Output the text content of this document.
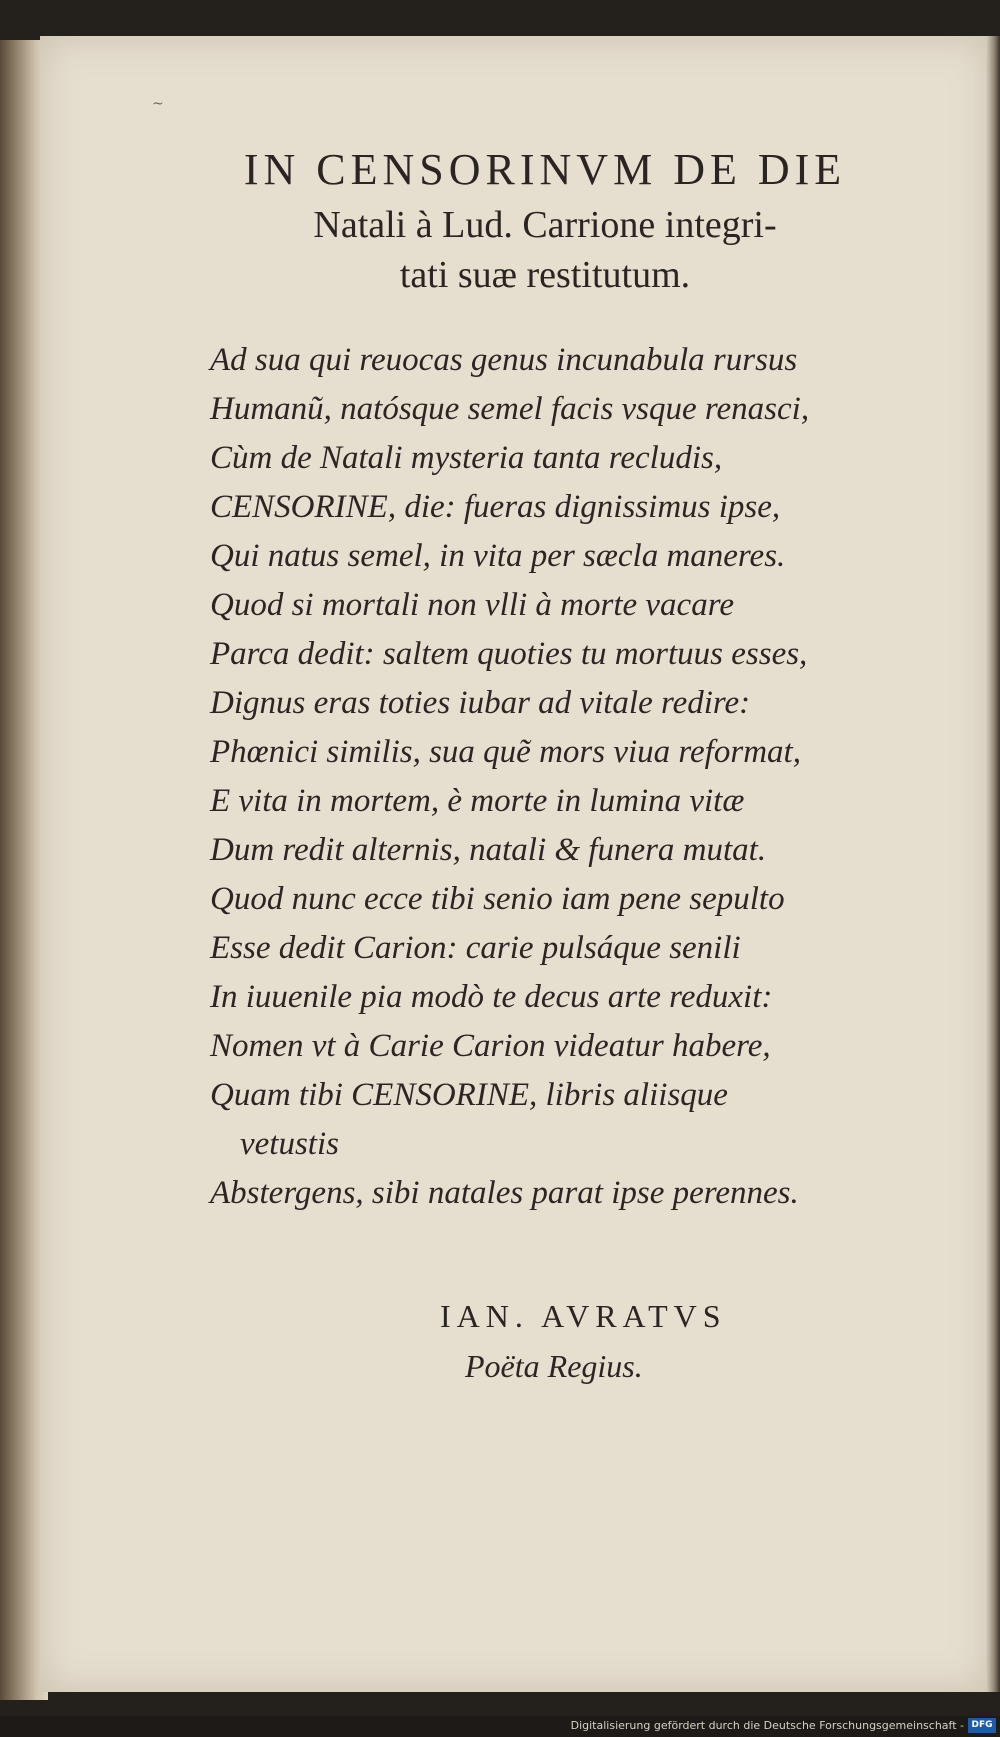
~
IN CENSORINVM DE DIE
Natali à Lud. Carrione integri-
tati suæ restitutum.
Ad sua qui reuocas genus incunabula rursus
Humanũ, natósque semel facis vsque renasci,
Cùm de Natali mysteria tanta recludis,
CENSORINE, die: fueras dignissimus ipse,
Qui natus semel, in vita per sæcla maneres.
Quod si mortali non vlli à morte vacare
Parca dedit: saltem quoties tu mortuus esses,
Dignus eras toties iubar ad vitale redire:
Phœnici similis, sua quẽ mors viua reformat,
E vita in mortem, è morte in lumina vitæ
Dum redit alternis, natali & funera mutat.
Quod nunc ecce tibi senio iam pene sepulto
Esse dedit Carion: carie pulsáque senili
In iuuenile pia modò te decus arte reduxit:
Nomen vt à Carie Carion videatur habere,
Quam tibi CENSORINE, libris aliisque
vetustis
Abstergens, sibi natales parat ipse perennes.
IAN. AVRATVS
Poëta Regius.
Digitalisierung gefördert durch die Deutsche Forschungsgemeinschaft - DFG
